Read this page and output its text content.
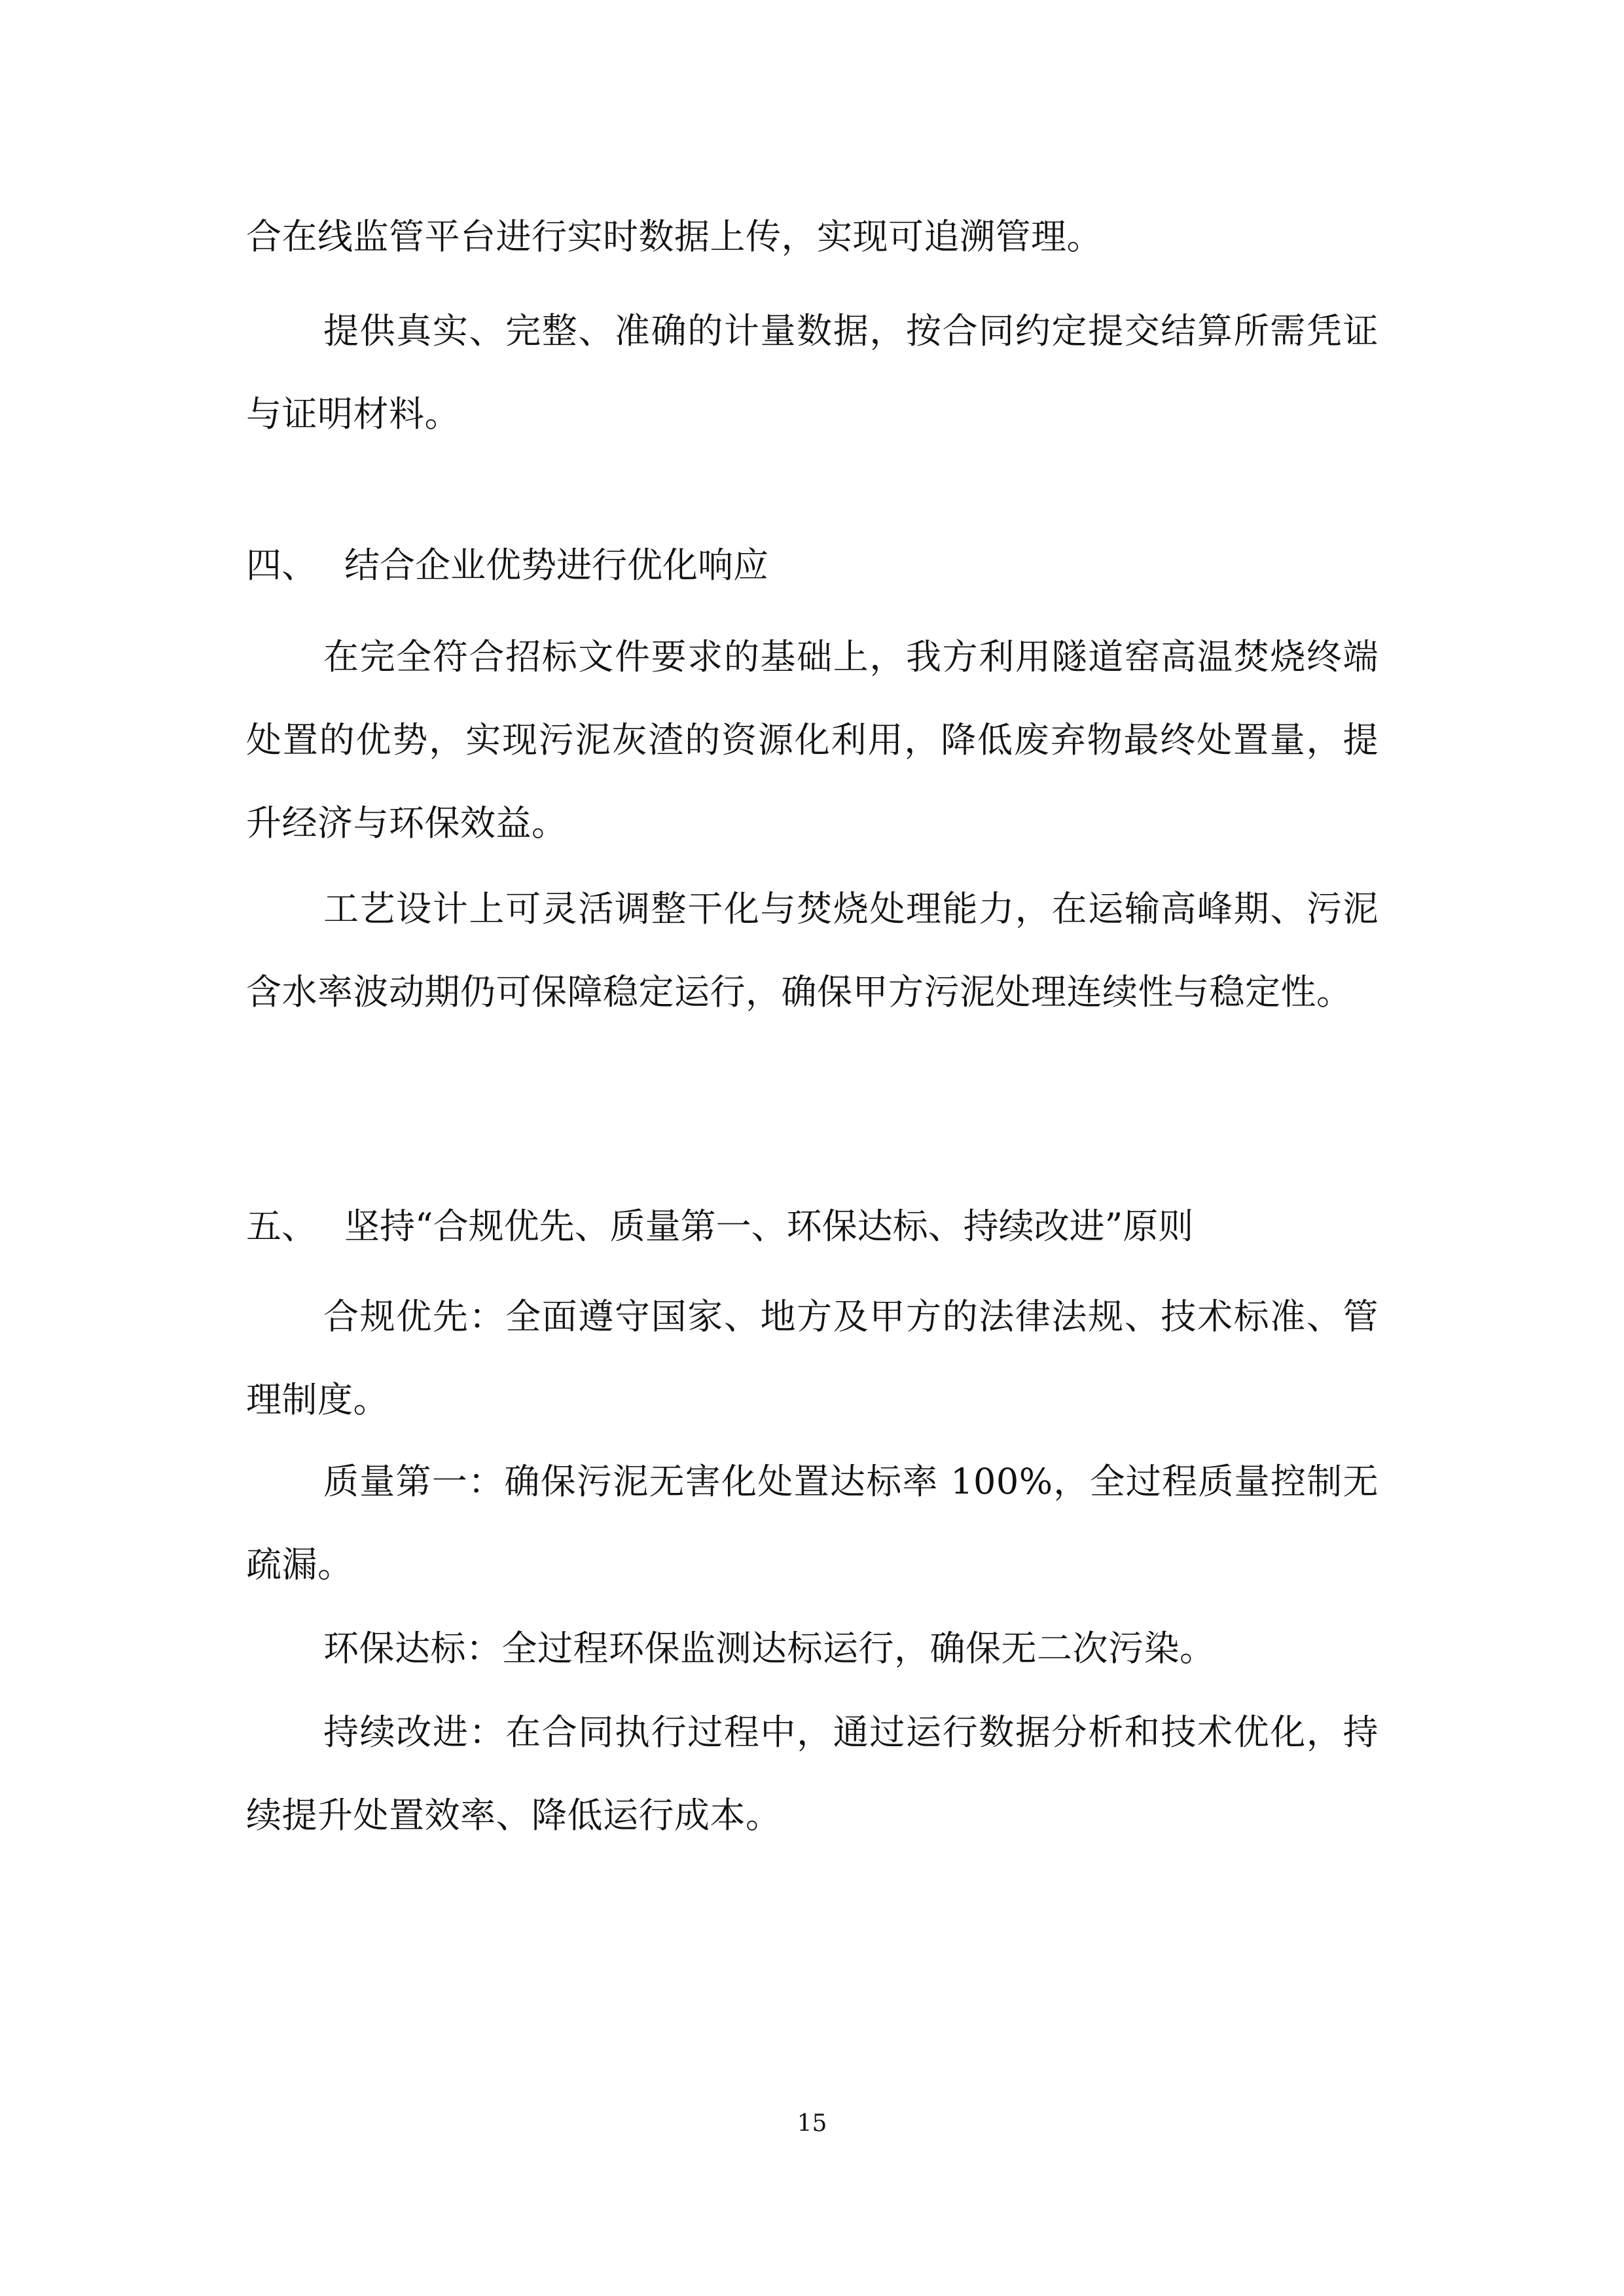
合在线监管平台进行实时数据上传，实现可追溯管理。

提供真实、完整、准确的计量数据，按合同约定提交结算所需凭证与证明材料。

四、 结合企业优势进行优化响应

在完全符合招标文件要求的基础上，我方利用隧道窑高温焚烧终端处置的优势，实现污泥灰渣的资源化利用，降低废弃物最终处置量，提升经济与环保效益。

工艺设计上可灵活调整干化与焚烧处理能力，在运输高峰期、污泥含水率波动期仍可保障稳定运行，确保甲方污泥处理连续性与稳定性。

五、 坚持“合规优先、质量第一、环保达标、持续改进”原则

合规优先：全面遵守国家、地方及甲方的法律法规、技术标准、管理制度。

质量第一：确保污泥无害化处置达标率 100%，全过程质量控制无疏漏。

环保达标：全过程环保监测达标运行，确保无二次污染。

持续改进：在合同执行过程中，通过运行数据分析和技术优化，持续提升处置效率、降低运行成本。

15
